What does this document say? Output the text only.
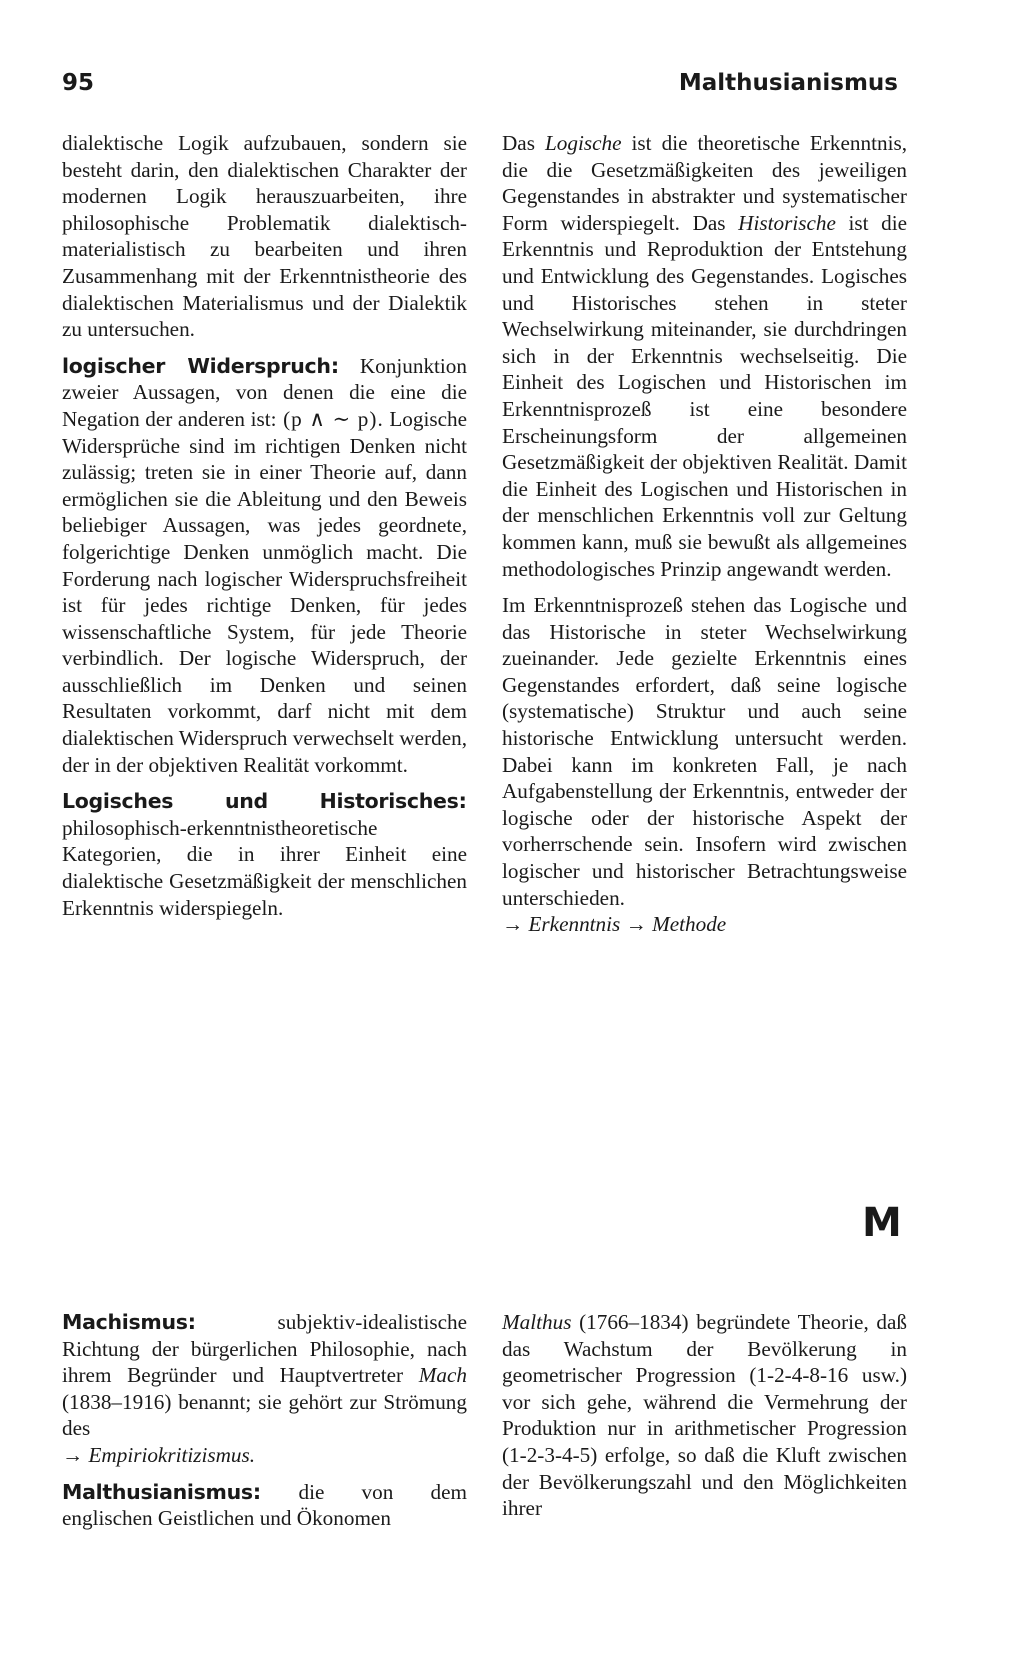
95	Malthusianismus

dialektische Logik aufzubauen, sondern sie besteht darin, den dialektischen Charakter der modernen Logik herauszuarbeiten, ihre philosophische Problematik dialektisch-materialistisch zu bearbeiten und ihren Zusammenhang mit der Erkenntnistheorie des dialektischen Materialismus und der Dialektik zu untersuchen.

logischer Widerspruch: Konjunktion zweier Aussagen, von denen die eine die Negation der anderen ist: (p ∧ ∼ p). Logische Widersprüche sind im richtigen Denken nicht zulässig; treten sie in einer Theorie auf, dann ermöglichen sie die Ableitung und den Beweis beliebiger Aussagen, was jedes geordnete, folgerichtige Denken unmöglich macht. Die Forderung nach logischer Widerspruchsfreiheit ist für jedes richtige Denken, für jedes wissenschaftliche System, für jede Theorie verbindlich. Der logische Widerspruch, der ausschließlich im Denken und seinen Resultaten vorkommt, darf nicht mit dem dialektischen Widerspruch verwechselt werden, der in der objektiven Realität vorkommt.

Logisches und Historisches: philosophisch-erkenntnistheoretische Kategorien, die in ihrer Einheit eine dialektische Gesetzmäßigkeit der menschlichen Erkenntnis widerspiegeln.

Das Logische ist die theoretische Erkenntnis, die die Gesetzmäßigkeiten des jeweiligen Gegenstandes in abstrakter und systematischer Form widerspiegelt. Das Historische ist die Erkenntnis und Reproduktion der Entstehung und Entwicklung des Gegenstandes. Logisches und Historisches stehen in steter Wechselwirkung miteinander, sie durchdringen sich in der Erkenntnis wechselseitig. Die Einheit des Logischen und Historischen im Erkenntnisprozeß ist eine besondere Erscheinungsform der allgemeinen Gesetzmäßigkeit der objektiven Realität. Damit die Einheit des Logischen und Historischen in der menschlichen Erkenntnis voll zur Geltung kommen kann, muß sie bewußt als allgemeines methodologisches Prinzip angewandt werden.

Im Erkenntnisprozeß stehen das Logische und das Historische in steter Wechselwirkung zueinander. Jede gezielte Erkenntnis eines Gegenstandes erfordert, daß seine logische (systematische) Struktur und auch seine historische Entwicklung untersucht werden. Dabei kann im konkreten Fall, je nach Aufgabenstellung der Erkenntnis, entweder der logische oder der historische Aspekt der vorherrschende sein. Insofern wird zwischen logischer und historischer Betrachtungsweise unterschieden.

→ Erkenntnis → Methode

M

Machismus: subjektiv-idealistische Richtung der bürgerlichen Philosophie, nach ihrem Begründer und Hauptvertreter Mach (1838–1916) benannt; sie gehört zur Strömung des
→ Empiriokritizismus.

Malthusianismus: die von dem englischen Geistlichen und Ökonomen

Malthus (1766–1834) begründete Theorie, daß das Wachstum der Bevölkerung in geometrischer Progression (1-2-4-8-16 usw.) vor sich gehe, während die Vermehrung der Produktion nur in arithmetischer Progression (1-2-3-4-5) erfolge, so daß die Kluft zwischen der Bevölkerungszahl und den Möglichkeiten ihrer
